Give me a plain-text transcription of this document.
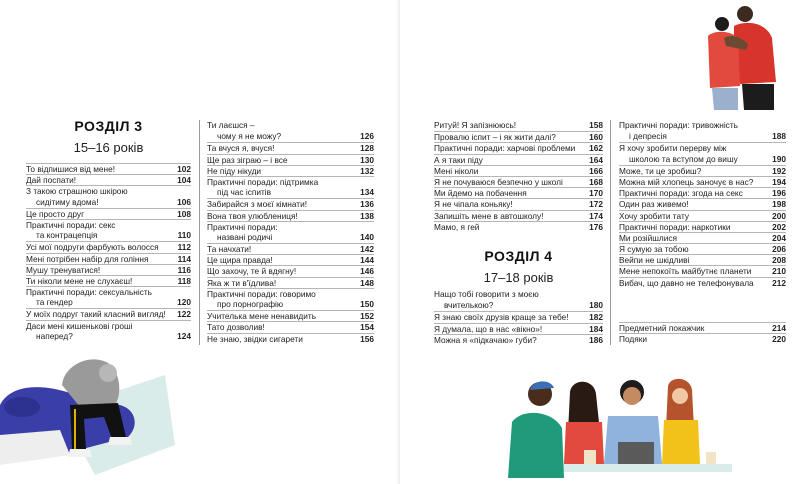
РОЗДІЛ 3
15–16 років
То відпишися від мене!	102
Дай поспати!	104
З такою страшною шкірою
сидітиму вдома!	106
Це просто друг	108
Практичні поради: секс
та контрацепція	110
Усі мої подруги фарбують волосся 112
Мені потрібен набір для гоління	114
Мушу тренуватися!	116
Ти ніколи мене не слухаєш!	118
Практичні поради: сексуальність
та гендер	120
У моїх подруг такий класний вигляд! 122
Даси мені кишенькові гроші
наперед?	124
Ти лаєшся –
чому я не можу?	126
Та вчуся я, вчуся!	128
Ще раз зіграю – і все	130
Не піду нікуди	132
Практичні поради: підтримка
під час іспитів	134
Забирайся з моєї кімнати!	136
Вона твоя улюблениця!	138
Практичні поради:
названі родичі	140
Та начхати!	142
Це щира правда!	144
Що захочу, те й вдягну!	146
Яка ж ти в'їдлива!	148
Практичні поради: говоримо
про порнографію	150
Учителька мене ненавидить	152
Тато дозволив!	154
Не знаю, звідки сигарети	156
Ритуй! Я запізнююсь!	158
Провалю іспит – і як жити далі?	160
Практичні поради: харчові проблеми 162
А я таки піду	164
Мені ніколи	166
Я не почуваюся безпечно у школі	168
Ми йдемо на побачення	170
Я не чіпала коньяку!	172
Запишіть мене в автошколу!	174
Мамо, я гей	176
РОЗДІЛ 4
17–18 років
Нащо тобі говорити з моєю
вчителькою?	180
Я знаю своїх друзів краще за тебе! 182
Я думала, що в нас «вікно»!	184
Можна я «підкачаю» губи?	186
Практичні поради: тривожність
і депресія	188
Я хочу зробити перерву між
школою та вступом до вишу	190
Може, ти це зробиш?	192
Можна мій хлопець заночує в нас? 194
Практичні поради: згода на секс	196
Один раз живемо!	198
Хочу зробити тату	200
Практичні поради: наркотики	202
Ми розійшлися	204
Я сумую за тобою	206
Вейпи не шкідливі	208
Мене непокоїть майбутнє планети	210
Вибач, що давно не телефонувала 212
Предметний покажчик	214
Подяки	220
